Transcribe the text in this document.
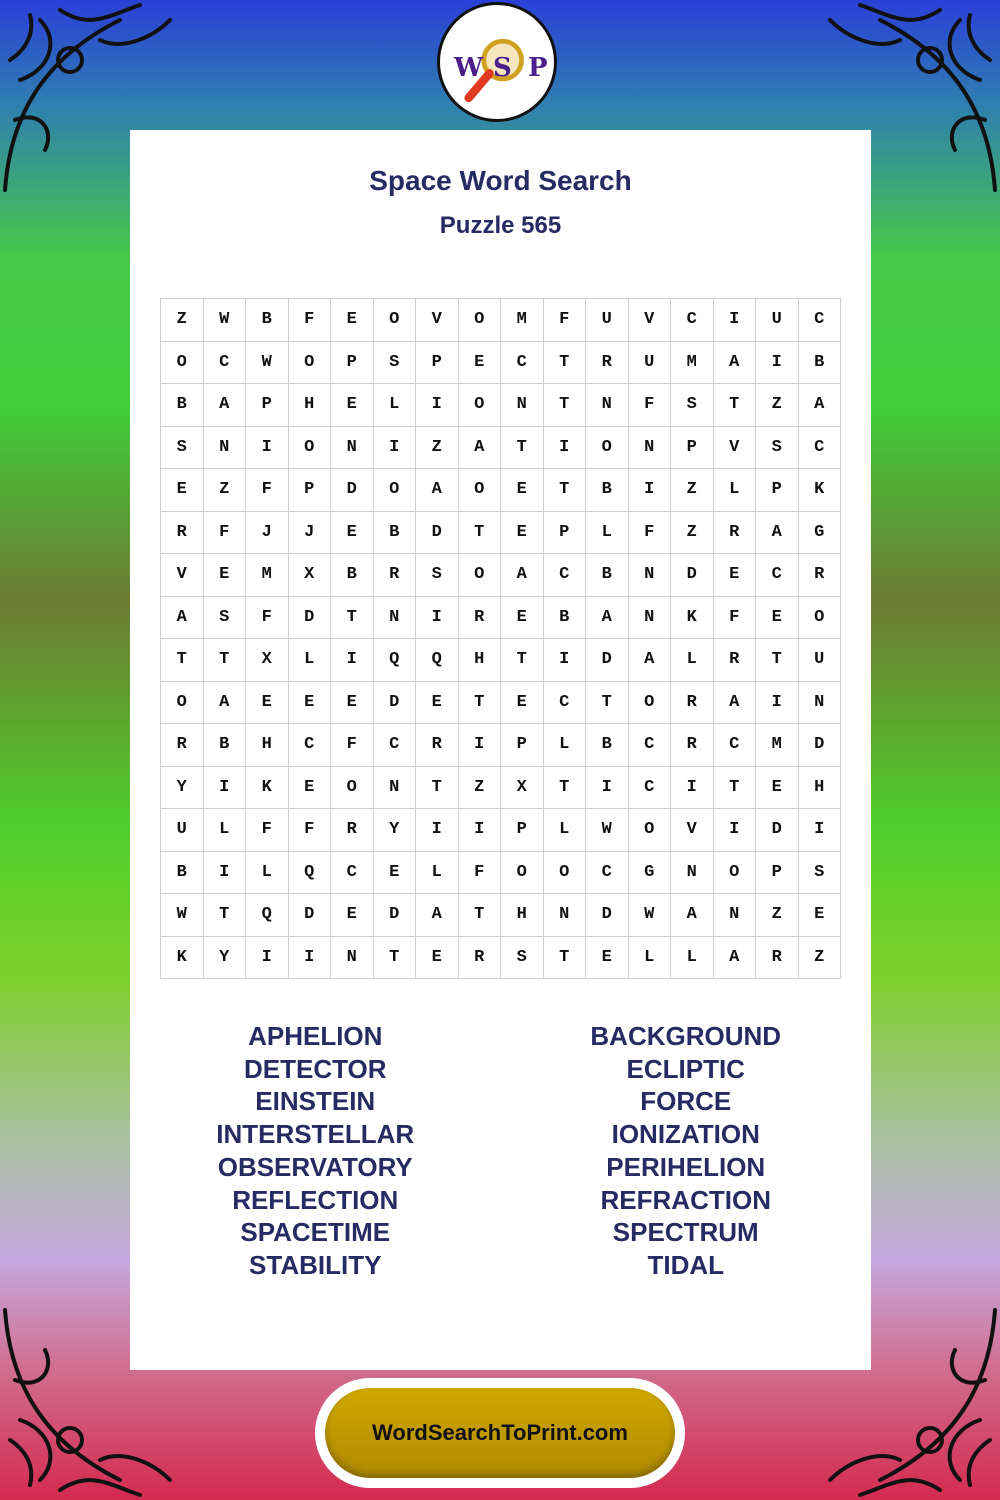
W S P
Space Word Search
Puzzle 565
Z	W	B	F	E	O	V	O	M	F	U	V	C	I	U	C
O	C	W	O	P	S	P	E	C	T	R	U	M	A	I	B
B	A	P	H	E	L	I	O	N	T	N	F	S	T	Z	A
S	N	I	O	N	I	Z	A	T	I	O	N	P	V	S	C
E	Z	F	P	D	O	A	O	E	T	B	I	Z	L	P	K
R	F	J	J	E	B	D	T	E	P	L	F	Z	R	A	G
V	E	M	X	B	R	S	O	A	C	B	N	D	E	C	R
A	S	F	D	T	N	I	R	E	B	A	N	K	F	E	O
T	T	X	L	I	Q	Q	H	T	I	D	A	L	R	T	U
O	A	E	E	E	D	E	T	E	C	T	O	R	A	I	N
R	B	H	C	F	C	R	I	P	L	B	C	R	C	M	D
Y	I	K	E	O	N	T	Z	X	T	I	C	I	T	E	H
U	L	F	F	R	Y	I	I	P	L	W	O	V	I	D	I
B	I	L	Q	C	E	L	F	O	O	C	G	N	O	P	S
W	T	Q	D	E	D	A	T	H	N	D	W	A	N	Z	E
K	Y	I	I	N	T	E	R	S	T	E	L	L	A	R	Z
APHELION
DETECTOR
EINSTEIN
INTERSTELLAR
OBSERVATORY
REFLECTION
SPACETIME
STABILITY
BACKGROUND
ECLIPTIC
FORCE
IONIZATION
PERIHELION
REFRACTION
SPECTRUM
TIDAL
WordSearchToPrint.com
